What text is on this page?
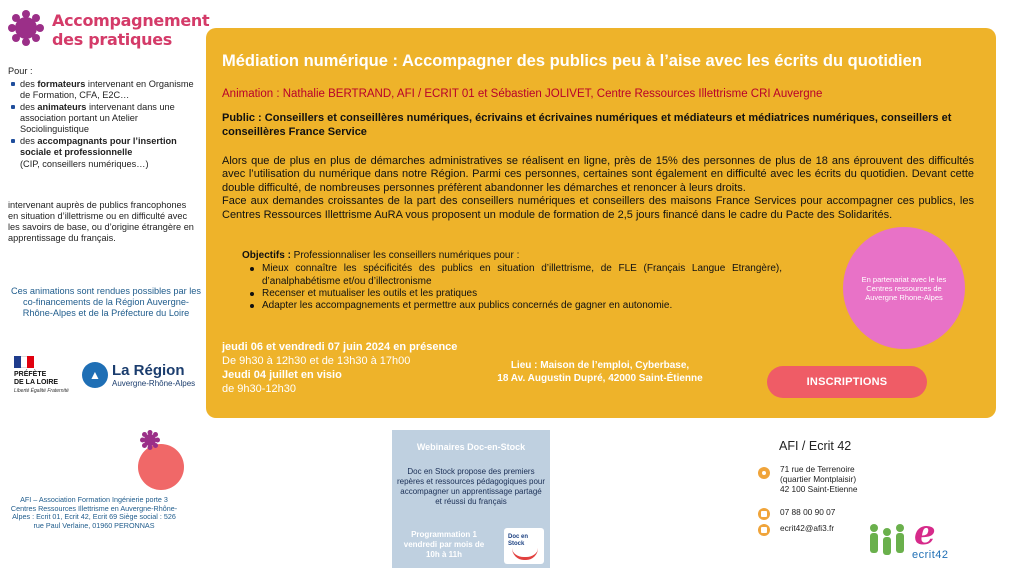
Accompagnement
des pratiques
Pour :
des formateurs intervenant en Organisme de Formation, CFA, E2C…
des animateurs intervenant dans une association portant un Atelier Sociolinguistique
des accompagnants pour l’insertion sociale et professionnelle
(CIP, conseillers numériques…)
intervenant auprès de publics francophones en situation d’illettrisme ou en difficulté avec les savoirs de base, ou d’origine étrangère en apprentissage du français.
Ces animations sont rendues possibles par les co-financements de la Région Auvergne-Rhône-Alpes et de la Préfecture du Loire
PRÉFÈTE
DE LA LOIRE
Liberté Égalité Fraternité
▲ La Région
Auvergne-Rhône-Alpes
AFI – Association Formation Ingénierie porte 3 Centres Ressources Illettrisme en Auvergne-Rhône-Alpes : Ecrit 01, Ecrit 42, Ecrit 69 Siège social : 526 rue Paul Verlaine, 01960 PERONNAS
Médiation numérique : Accompagner des publics peu à l’aise avec les écrits du quotidien
Animation : Nathalie BERTRAND, AFI / ECRIT 01 et Sébastien JOLIVET, Centre Ressources Illettrisme CRI Auvergne
Public : Conseillers et conseillères numériques, écrivains et écrivaines numériques et médiateurs et médiatrices numériques, conseillers et conseillères France Service
Alors que de plus en plus de démarches administratives se réalisent en ligne, près de 15% des personnes de plus de 18 ans éprouvent des difficultés avec l’utilisation du numérique dans notre Région. Parmi ces personnes, certaines sont également en difficulté avec les écrits du quotidien. Devant cette double difficulté, de nombreuses personnes préfèrent abandonner les démarches et renoncer à leurs droits.
Face aux demandes croissantes de la part des conseillers numériques et conseillers des maisons France Services pour accompagner ces publics, les Centres Ressources Illettrisme AuRA vous proposent un module de formation de 2,5 jours financé dans le cadre du Pacte des Solidarités.
Objectifs : Professionnaliser les conseillers numériques pour :
Mieux connaître les spécificités des publics en situation d’illettrisme, de FLE (Français Langue Etrangère), d’analphabétisme et/ou d’illectronisme
Recenser et mutualiser les outils et les pratiques
Adapter les accompagnements et permettre aux publics concernés de gagner en autonomie.
En partenariat avec le les Centres ressources de Auvergne Rhone-Alpes
jeudi 06 et vendredi 07 juin 2024 en présence
De 9h30 à 12h30 et de 13h30 à 17h00
Jeudi 04 juillet en visio
de 9h30-12h30
Lieu : Maison de l’emploi, Cyberbase,
18 Av. Augustin Dupré, 42000 Saint-Étienne	INSCRIPTIONS
Webinaires Doc-en-Stock
Doc en Stock propose des premiers repères et ressources pédagogiques pour accompagner un apprentissage partagé et réussi du français
Programmation 1 vendredi par mois de 10h à 11h
Doc en Stock
AFI / Ecrit 42
71 rue de Terrenoire
(quartier Montplaisir)
42 100 Saint-Etienne
07 88 00 90 07
ecrit42@afi3.fr	e
ecrit42
